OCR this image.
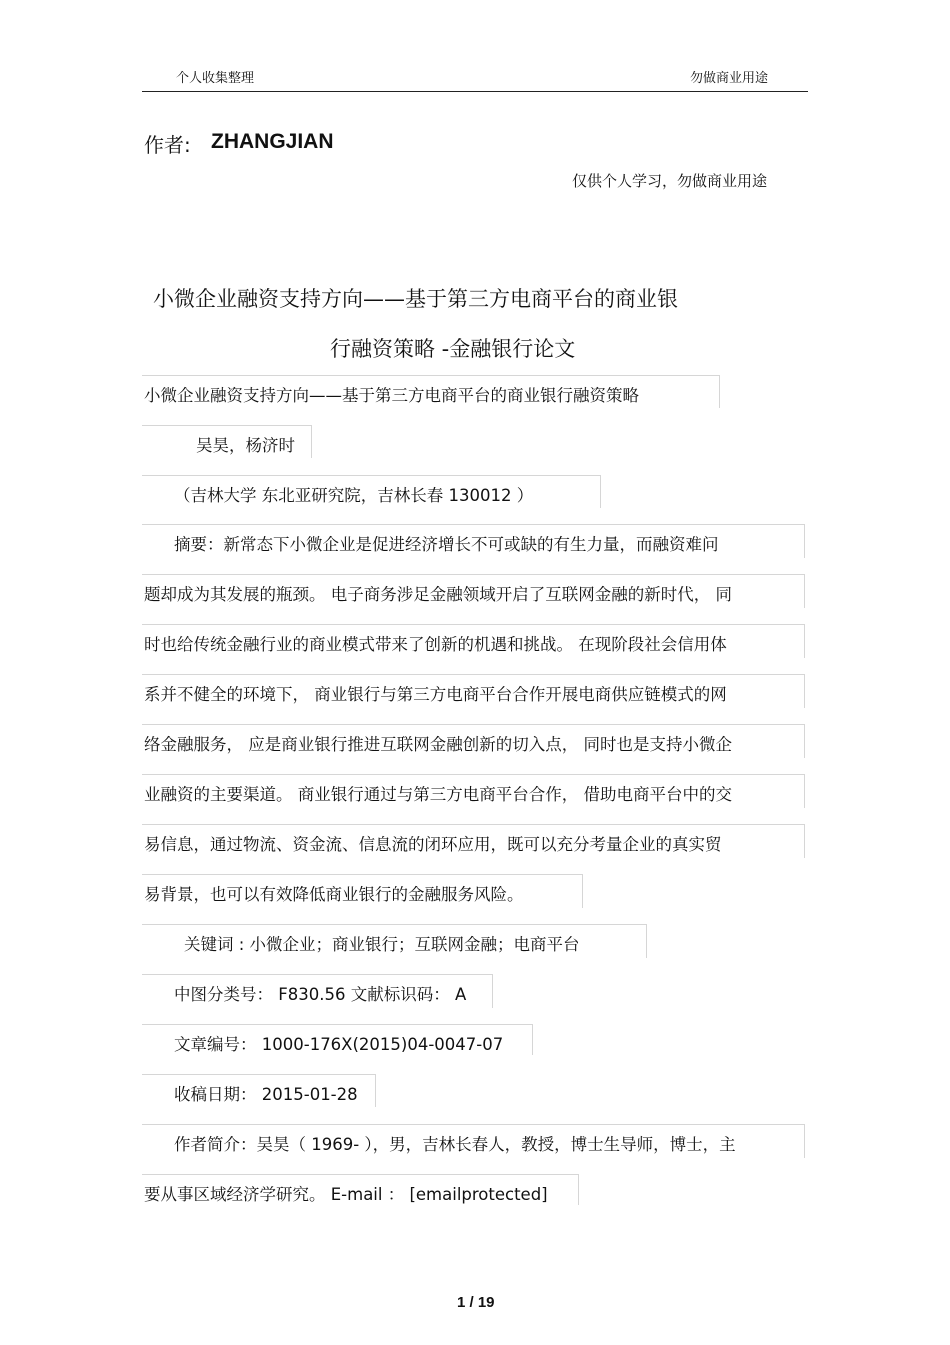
个人收集整理	勿做商业用途
作者: ZHANGJIAN
仅供个人学习，勿做商业用途
小微企业融资支持方向——基于第三方电商平台的商业银
行融资策略 -金融银行论文
小微企业融资支持方向——基于第三方电商平台的商业银行融资策略
吴昊，杨济时
（吉林大学 东北亚研究院，吉林长春 130012 ）
摘要：新常态下小微企业是促进经济增长不可或缺的有生力量，而融资难问
题却成为其发展的瓶颈。 电子商务涉足金融领域开启了互联网金融的新时代， 同
时也给传统金融行业的商业模式带来了创新的机遇和挑战。 在现阶段社会信用体
系并不健全的环境下， 商业银行与第三方电商平台合作开展电商供应链模式的网
络金融服务， 应是商业银行推进互联网金融创新的切入点， 同时也是支持小微企
业融资的主要渠道。 商业银行通过与第三方电商平台合作， 借助电商平台中的交
易信息，通过物流、资金流、信息流的闭环应用，既可以充分考量企业的真实贸
易背景，也可以有效降低商业银行的金融服务风险。
关键词 : 小微企业；商业银行；互联网金融；电商平台
中图分类号： F830.56 文献标识码： A
文章编号： 1000-176X(2015)04-0047-07
收稿日期： 2015-01-28
作者简介：吴昊（ 1969- ），男，吉林长春人，教授，博士生导师，博士，主
要从事区域经济学研究。 E-mail ： [emailprotected]
1 / 19
